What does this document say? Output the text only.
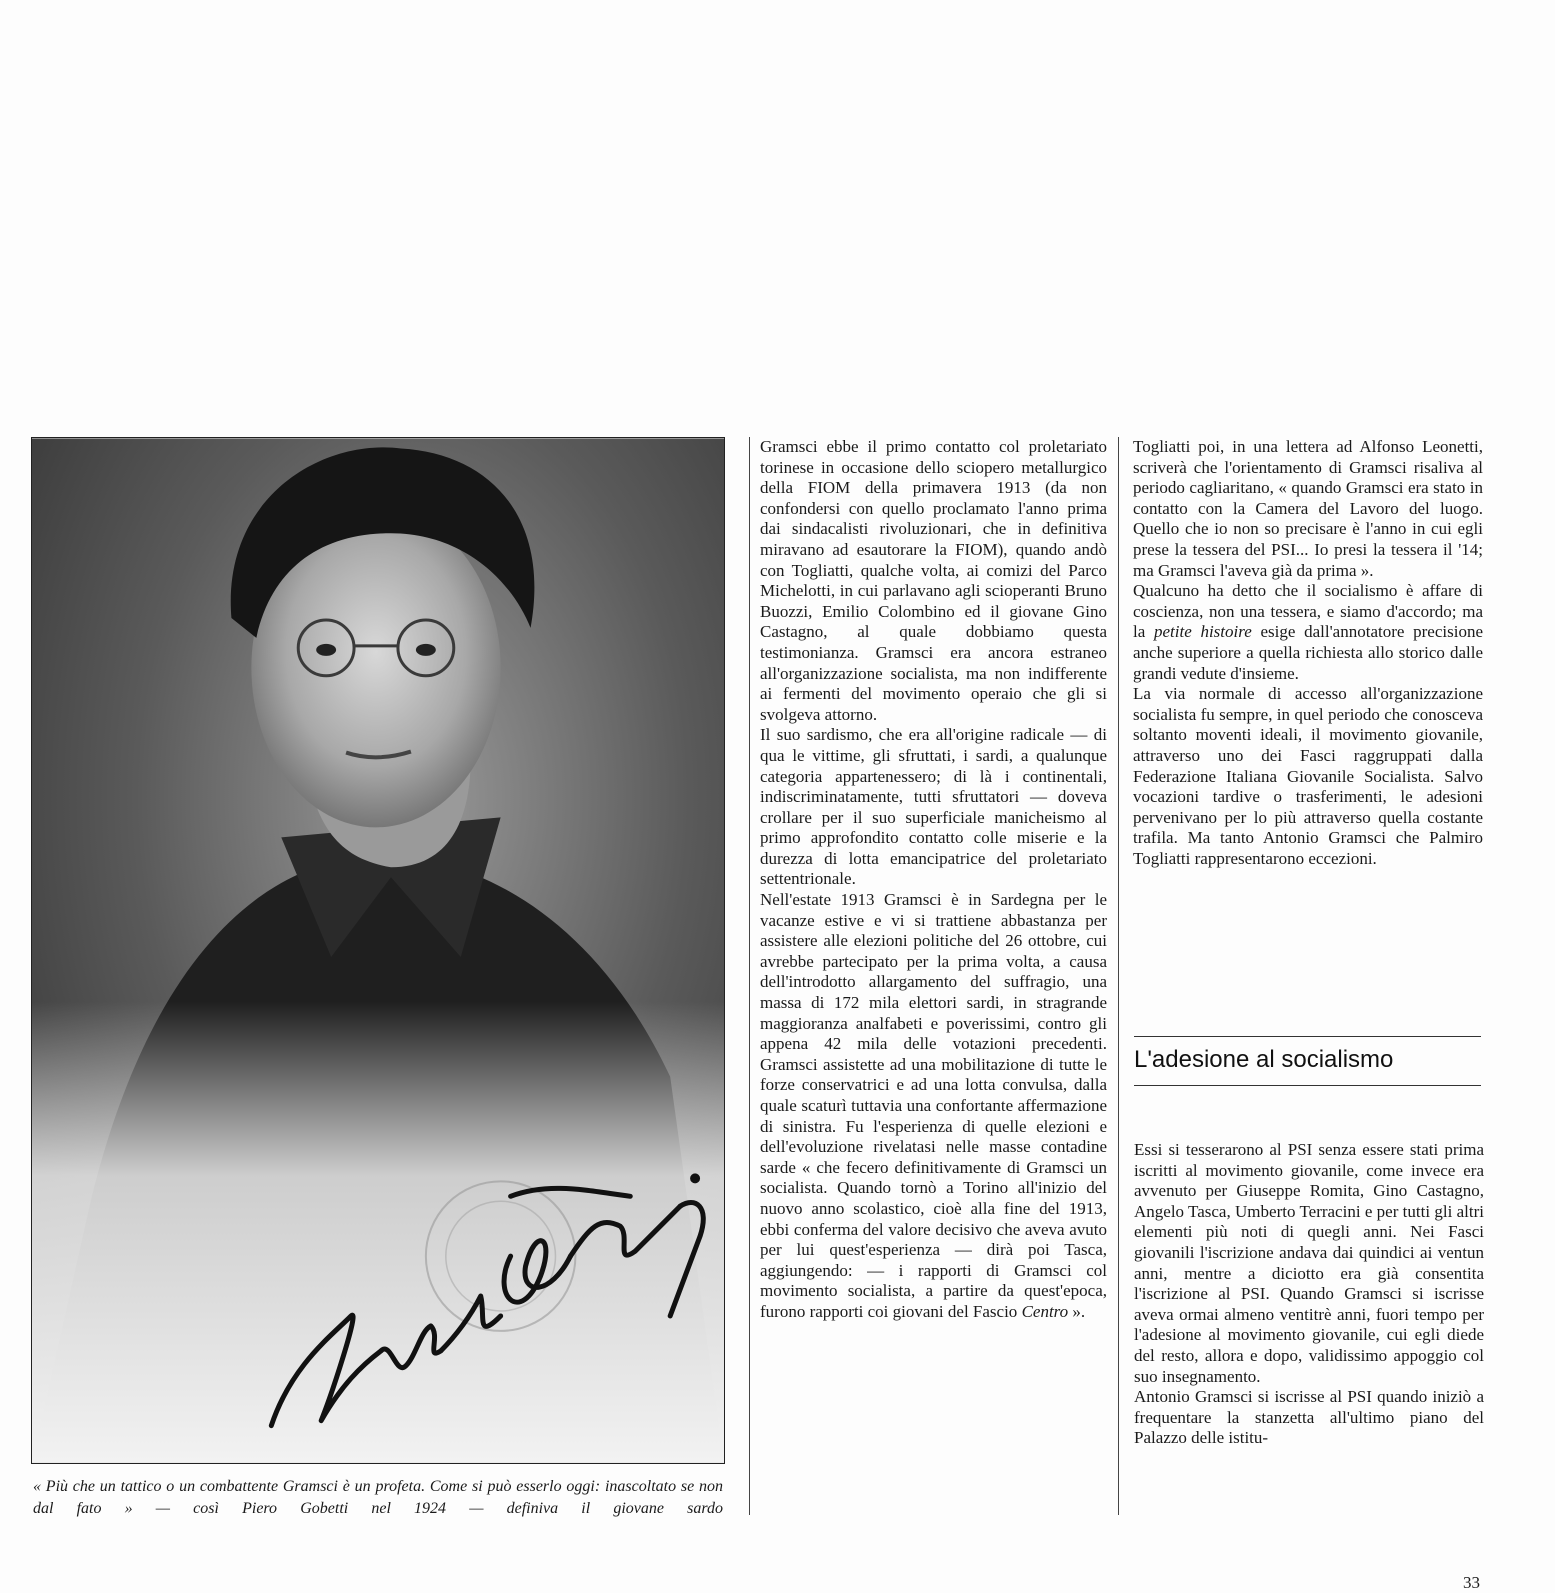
« Più che un tattico o un combattente Gramsci è un profeta. Come si può esserlo oggi: inascoltato se non dal fato » — così Piero Gobetti nel 1924 — definiva il giovane sardo

Gramsci ebbe il primo contatto col proletariato torinese in occasione dello sciopero metallurgico della FIOM della primavera 1913 (da non confondersi con quello proclamato l'anno prima dai sindacalisti rivoluzionari, che in definitiva miravano ad esautorare la FIOM), quando andò con Togliatti, qualche volta, ai comizi del Parco Michelotti, in cui parlavano agli scioperanti Bruno Buozzi, Emilio Colombino ed il giovane Gino Castagno, al quale dobbiamo questa testimonianza. Gramsci era ancora estraneo all'organizzazione socialista, ma non indifferente ai fermenti del movimento operaio che gli si svolgeva attorno.

Il suo sardismo, che era all'origine radicale — di qua le vittime, gli sfruttati, i sardi, a qualunque categoria appartenessero; di là i continentali, indiscriminatamente, tutti sfruttatori — doveva crollare per il suo superficiale manicheismo al primo approfondito contatto colle miserie e la durezza di lotta emancipatrice del proletariato settentrionale.

Nell'estate 1913 Gramsci è in Sardegna per le vacanze estive e vi si trattiene abbastanza per assistere alle elezioni politiche del 26 ottobre, cui avrebbe partecipato per la prima volta, a causa dell'introdotto allargamento del suffragio, una massa di 172 mila elettori sardi, in stragrande maggioranza analfabeti e poverissimi, contro gli appena 42 mila delle votazioni precedenti. Gramsci assistette ad una mobilitazione di tutte le forze conservatrici e ad una lotta convulsa, dalla quale scaturì tuttavia una confortante affermazione di sinistra. Fu l'esperienza di quelle elezioni e dell'evoluzione rivelatasi nelle masse contadine sarde « che fecero definitivamente di Gramsci un socialista. Quando tornò a Torino all'inizio del nuovo anno scolastico, cioè alla fine del 1913, ebbi conferma del valore decisivo che aveva avuto per lui quest'esperienza — dirà poi Tasca, aggiungendo: — i rapporti di Gramsci col movimento socialista, a partire da quest'epoca, furono rapporti coi giovani del Fascio Centro ».

Togliatti poi, in una lettera ad Alfonso Leonetti, scriverà che l'orientamento di Gramsci risaliva al periodo cagliaritano, « quando Gramsci era stato in contatto con la Camera del Lavoro del luogo. Quello che io non so precisare è l'anno in cui egli prese la tessera del PSI... Io presi la tessera il '14; ma Gramsci l'aveva già da prima ».

Qualcuno ha detto che il socialismo è affare di coscienza, non una tessera, e siamo d'accordo; ma la petite histoire esige dall'annotatore precisione anche superiore a quella richiesta allo storico dalle grandi vedute d'insieme.

La via normale di accesso all'organizzazione socialista fu sempre, in quel periodo che conosceva soltanto moventi ideali, il movimento giovanile, attraverso uno dei Fasci raggruppati dalla Federazione Italiana Giovanile Socialista. Salvo vocazioni tardive o trasferimenti, le adesioni pervenivano per lo più attraverso quella costante trafila. Ma tanto Antonio Gramsci che Palmiro Togliatti rappresentarono eccezioni.

L'adesione al socialismo

Essi si tesserarono al PSI senza essere stati prima iscritti al movimento giovanile, come invece era avvenuto per Giuseppe Romita, Gino Castagno, Angelo Tasca, Umberto Terracini e per tutti gli altri elementi più noti di quegli anni. Nei Fasci giovanili l'iscrizione andava dai quindici ai ventun anni, mentre a diciotto era già consentita l'iscrizione al PSI. Quando Gramsci si iscrisse aveva ormai almeno ventitrè anni, fuori tempo per l'adesione al movimento giovanile, cui egli diede del resto, allora e dopo, validissimo appoggio col suo insegnamento.

Antonio Gramsci si iscrisse al PSI quando iniziò a frequentare la stanzetta all'ultimo piano del Palazzo delle istitu-

33
